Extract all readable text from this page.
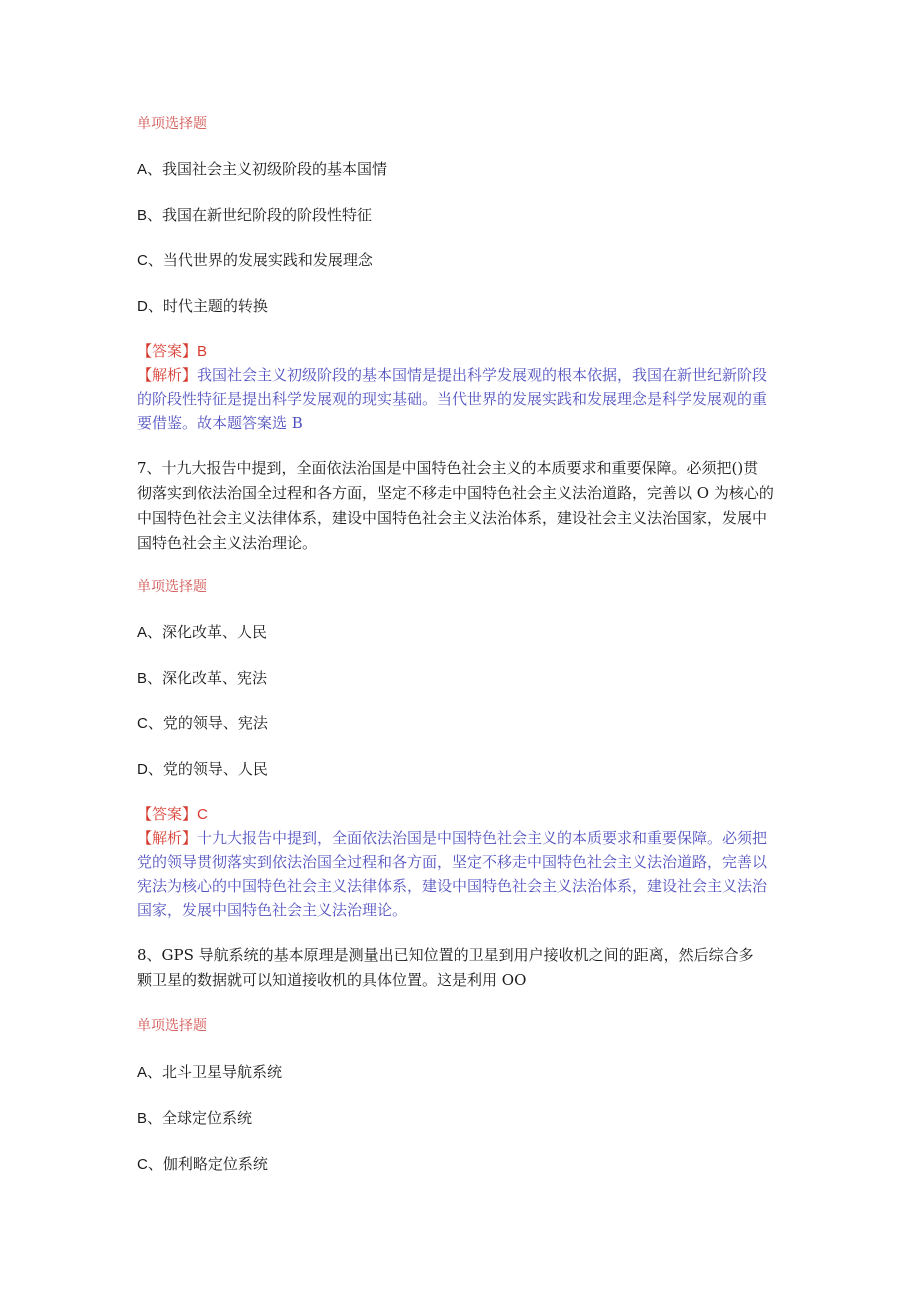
单项选择题
A、我国社会主义初级阶段的基本国情
B、我国在新世纪阶段的阶段性特征
C、当代世界的发展实践和发展理念
D、时代主题的转换
【答案】B
【解析】我国社会主义初级阶段的基本国情是提出科学发展观的根本依据，我国在新世纪新阶段
的阶段性特征是提出科学发展观的现实基础。当代世界的发展实践和发展理念是科学发展观的重
要借鉴。故本题答案选 B
7、十九大报告中提到，全面依法治国是中国特色社会主义的本质要求和重要保障。必须把()贯
彻落实到依法治国全过程和各方面，坚定不移走中国特色社会主义法治道路，完善以 O 为核心的
中国特色社会主义法律体系，建设中国特色社会主义法治体系，建设社会主义法治国家，发展中
国特色社会主义法治理论。
单项选择题
A、深化改革、人民
B、深化改革、宪法
C、党的领导、宪法
D、党的领导、人民
【答案】C
【解析】十九大报告中提到，全面依法治国是中国特色社会主义的本质要求和重要保障。必须把
党的领导贯彻落实到依法治国全过程和各方面，坚定不移走中国特色社会主义法治道路，完善以
宪法为核心的中国特色社会主义法律体系，建设中国特色社会主义法治体系，建设社会主义法治
国家，发展中国特色社会主义法治理论。
8、GPS 导航系统的基本原理是测量出已知位置的卫星到用户接收机之间的距离，然后综合多
颗卫星的数据就可以知道接收机的具体位置。这是利用 OO
单项选择题
A、北斗卫星导航系统
B、全球定位系统
C、伽利略定位系统
